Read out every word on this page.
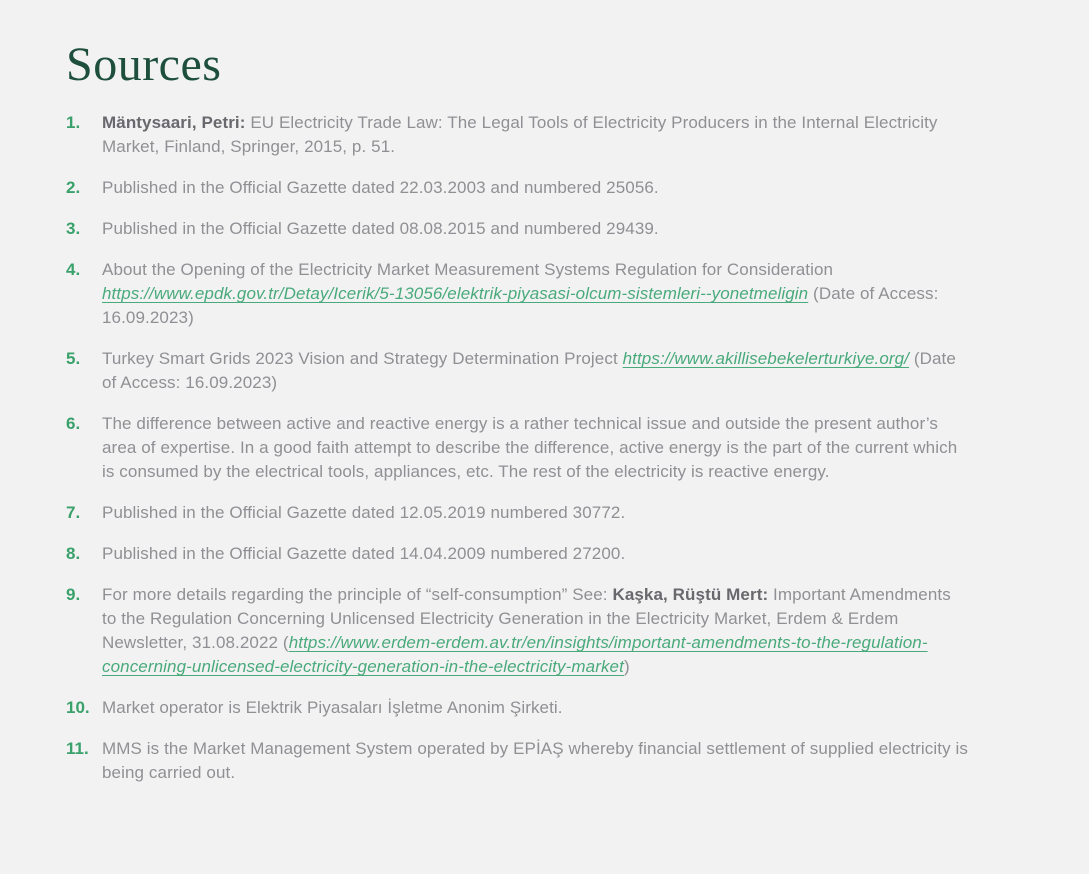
Sources
1.	Mäntysaari, Petri: EU Electricity Trade Law: The Legal Tools of Electricity Producers in the Internal Electricity Market, Finland, Springer, 2015, p. 51.
2.	Published in the Official Gazette dated 22.03.2003 and numbered 25056.
3.	Published in the Official Gazette dated 08.08.2015 and numbered 29439.
4.	About the Opening of the Electricity Market Measurement Systems Regulation for Consideration https://www.epdk.gov.tr/Detay/Icerik/5-13056/elektrik-piyasasi-olcum-sistemleri--yonetmeligin (Date of Access: 16.09.2023)
5.	Turkey Smart Grids 2023 Vision and Strategy Determination Project https://www.akillisebekelerturkiye.org/ (Date of Access: 16.09.2023)
6.	The difference between active and reactive energy is a rather technical issue and outside the present author’s area of expertise. In a good faith attempt to describe the difference, active energy is the part of the current which is consumed by the electrical tools, appliances, etc. The rest of the electricity is reactive energy.
7.	Published in the Official Gazette dated 12.05.2019 numbered 30772.
8.	Published in the Official Gazette dated 14.04.2009 numbered 27200.
9.	For more details regarding the principle of “self-consumption” See: Kaşka, Rüştü Mert: Important Amendments to the Regulation Concerning Unlicensed Electricity Generation in the Electricity Market, Erdem & Erdem Newsletter, 31.08.2022 (https://www.erdem-erdem.av.tr/en/insights/important-amendments-to-the-regulation-concerning-unlicensed-electricity-generation-in-the-electricity-market)
10. Market operator is Elektrik Piyasaları İşletme Anonim Şirketi.
11. MMS is the Market Management System operated by EPİAŞ whereby financial settlement of supplied electricity is being carried out.
